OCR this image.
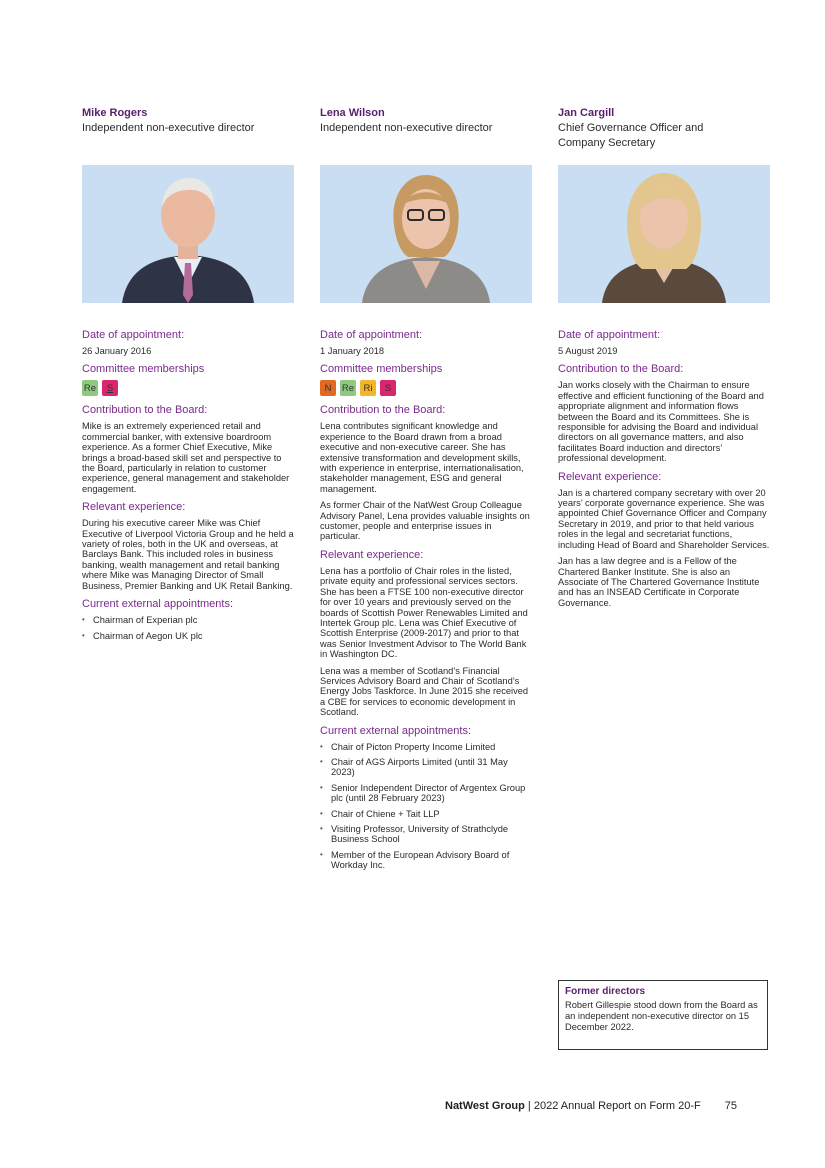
Mike Rogers

Independent non-executive director

Date of appointment:

26 January 2016

Committee memberships

Re	S

Contribution to the Board:

Mike is an extremely experienced retail and commercial banker, with extensive boardroom experience. As a former Chief Executive, Mike brings a broad-based skill set and perspective to the Board, particularly in relation to customer experience, general management and stakeholder engagement.

Relevant experience:

During his executive career Mike was Chief Executive of Liverpool Victoria Group and he held a variety of roles, both in the UK and overseas, at Barclays Bank. This included roles in business banking, wealth management and retail banking where Mike was Managing Director of Small Business, Premier Banking and UK Retail Banking.

Current external appointments:

• Chairman of Experian plc
• Chairman of Aegon UK plc

Lena Wilson

Independent non-executive director

Date of appointment:

1 January 2018

Committee memberships

N	Re Ri	S

Contribution to the Board:

Lena contributes significant knowledge and experience to the Board drawn from a broad executive and non-executive career. She has extensive transformation and development skills, with experience in enterprise, internationalisation, stakeholder management, ESG and general management.

As former Chair of the NatWest Group Colleague Advisory Panel, Lena provides valuable insights on customer, people and enterprise issues in particular.

Relevant experience:

Lena has a portfolio of Chair roles in the listed, private equity and professional services sectors. She has been a FTSE 100 non-executive director for over 10 years and previously served on the boards of Scottish Power Renewables Limited and Intertek Group plc. Lena was Chief Executive of Scottish Enterprise (2009-2017) and prior to that was Senior Investment Advisor to The World Bank in Washington DC.

Lena was a member of Scotland’s Financial Services Advisory Board and Chair of Scotland’s Energy Jobs Taskforce. In June 2015 she received a CBE for services to economic development in Scotland.

Current external appointments:

• Chair of Picton Property Income Limited
• Chair of AGS Airports Limited (until 31 May 2023)
• Senior Independent Director of Argentex Group plc (until 28 February 2023)
• Chair of Chiene + Tait LLP
• Visiting Professor, University of Strathclyde Business School
• Member of the European Advisory Board of Workday Inc.

Jan Cargill

Chief Governance Officer and

Company Secretary

Date of appointment:

5 August 2019

Contribution to the Board:

Jan works closely with the Chairman to ensure effective and efficient functioning of the Board and appropriate alignment and information flows between the Board and its Committees. She is responsible for advising the Board and individual directors on all governance matters, and also facilitates Board induction and directors’ professional development.

Relevant experience:

Jan is a chartered company secretary with over 20 years’ corporate governance experience. She was appointed Chief Governance Officer and Company Secretary in 2019, and prior to that held various roles in the legal and secretariat functions, including Head of Board and Shareholder Services.

Jan has a law degree and is a Fellow of the Chartered Banker Institute. She is also an Associate of The Chartered Governance Institute and has an INSEAD Certificate in Corporate Governance.

Former directors

Robert Gillespie stood down from the Board as an independent non-executive director on 15 December 2022.

NatWest Group | 2022 Annual Report on Form 20-F 75
